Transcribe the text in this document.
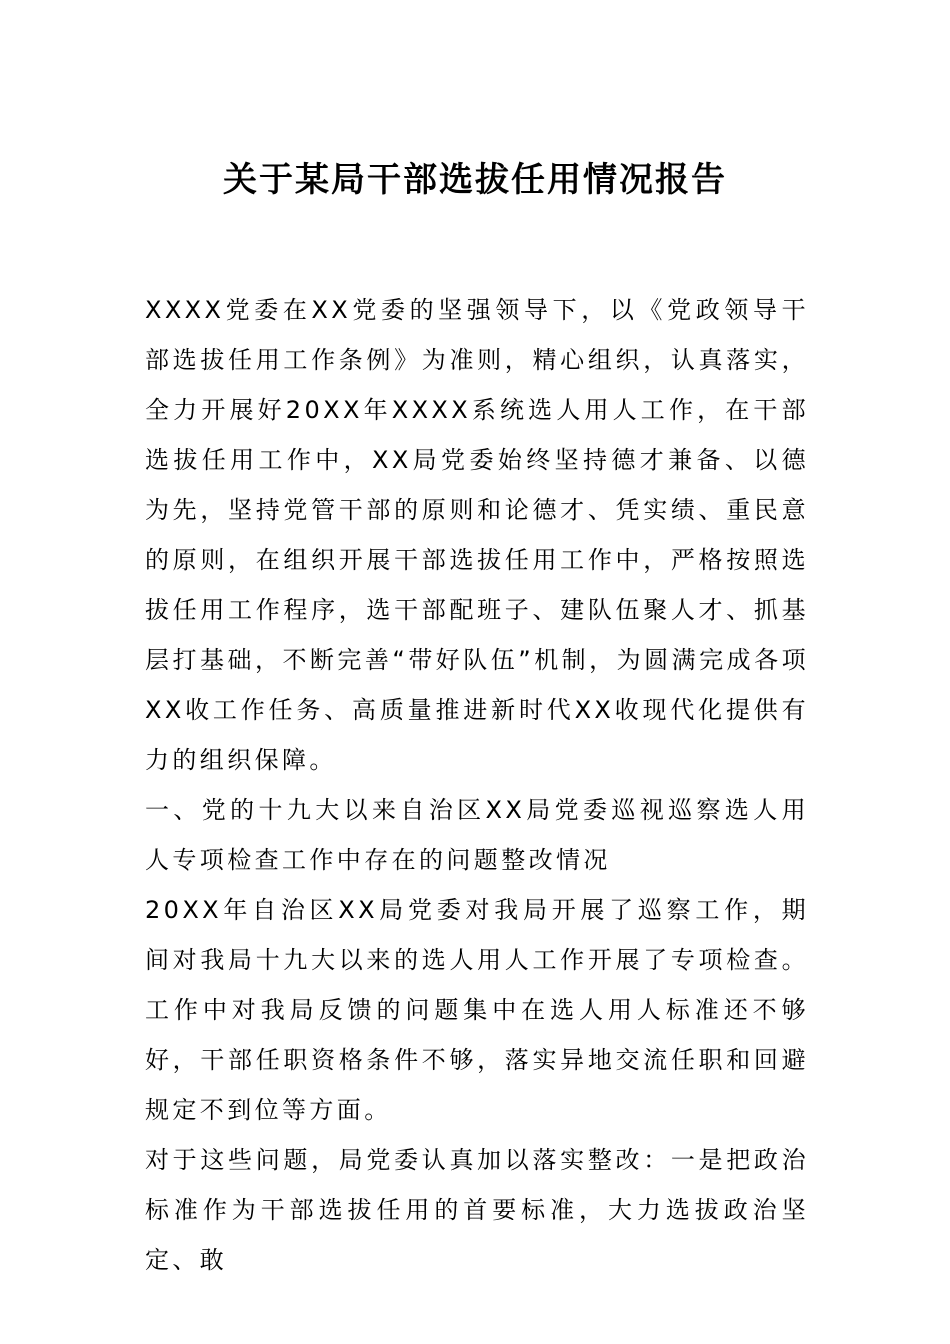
关于某局干部选拔任用情况报告

XXXX党委在XX党委的坚强领导下，以《党政领导干部选拔任用工作条例》为准则，精心组织，认真落实，全力开展好20XX年XXXX系统选人用人工作，在干部选拔任用工作中，XX局党委始终坚持德才兼备、以德为先，坚持党管干部的原则和论德才、凭实绩、重民意的原则，在组织开展干部选拔任用工作中，严格按照选拔任用工作程序，选干部配班子、建队伍聚人才、抓基层打基础，不断完善“带好队伍”机制，为圆满完成各项XX收工作任务、高质量推进新时代XX收现代化提供有力的组织保障。

一、党的十九大以来自治区XX局党委巡视巡察选人用人专项检查工作中存在的问题整改情况

20XX年自治区XX局党委对我局开展了巡察工作，期间对我局十九大以来的选人用人工作开展了专项检查。工作中对我局反馈的问题集中在选人用人标准还不够好，干部任职资格条件不够，落实异地交流任职和回避规定不到位等方面。

对于这些问题，局党委认真加以落实整改：一是把政治标准作为干部选拔任用的首要标准，大力选拔政治坚定、敢
